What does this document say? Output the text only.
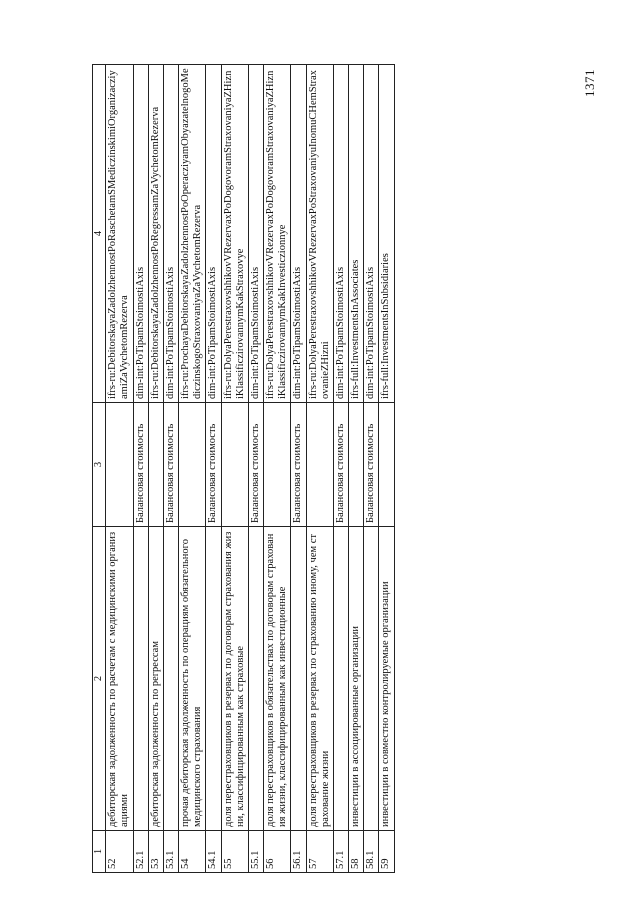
1	2	3	4
52	дебиторская задолженность по расчетам с медицинскими организациями		ifrs-ru:DebitorskayaZadolzhennostPoRaschetamSMediczinskimiOrganizacziyamiZaVychetomRezerva
52.1		Балансовая стоимость	dim-int:PoTipamStoimostiAxis
53	дебиторская задолженность по регрессам		ifrs-ru:DebitorskayaZadolzhennostPoRegressamZaVychetomRezerva
53.1		Балансовая стоимость	dim-int:PoTipamStoimostiAxis
54	прочая дебиторская задолженность по операциям обязательного медицинского страхования		ifrs-ru:ProchayaDebitorskayaZadolzhennostPoOperacziyamObyazatelnogoMediczinskogoStraxovaniyaZaVychetomRezerva
54.1		Балансовая стоимость	dim-int:PoTipamStoimostiAxis
55	доля перестраховщиков в резервах по договорам страхования жизни, классифицированным как страховые		ifrs-ru:DolyaPerestraxovshhikovVRezervaxPoDogovoramStraxovaniyaZHizniKlassificzirovannymKakStraxovye
55.1		Балансовая стоимость	dim-int:PoTipamStoimostiAxis
56	доля перестраховщиков в обязательствах по договорам страхования жизни, классифицированным как инвестиционные		ifrs-ru:DolyaPerestraxovshhikovVRezervaxPoDogovoramStraxovaniyaZHizniKlassificzirovannymKakInvesticzionnye
56.1		Балансовая стоимость	dim-int:PoTipamStoimostiAxis
57	доля перестраховщиков в резервах по страхованию иному, чем страхование жизни		ifrs-ru:DolyaPerestraxovshhikovVRezervaxPoStraxovaniyuInomuCHemStraxovanieZHizni
57.1		Балансовая стоимость	dim-int:PoTipamStoimostiAxis
58	инвестиции в ассоциированные организации		ifrs-full:InvestmentsInAssociates
58.1		Балансовая стоимость	dim-int:PoTipamStoimostiAxis
59	инвестиции в совместно контролируемые организации		ifrs-full:InvestmentsInSubsidiaries
1371
